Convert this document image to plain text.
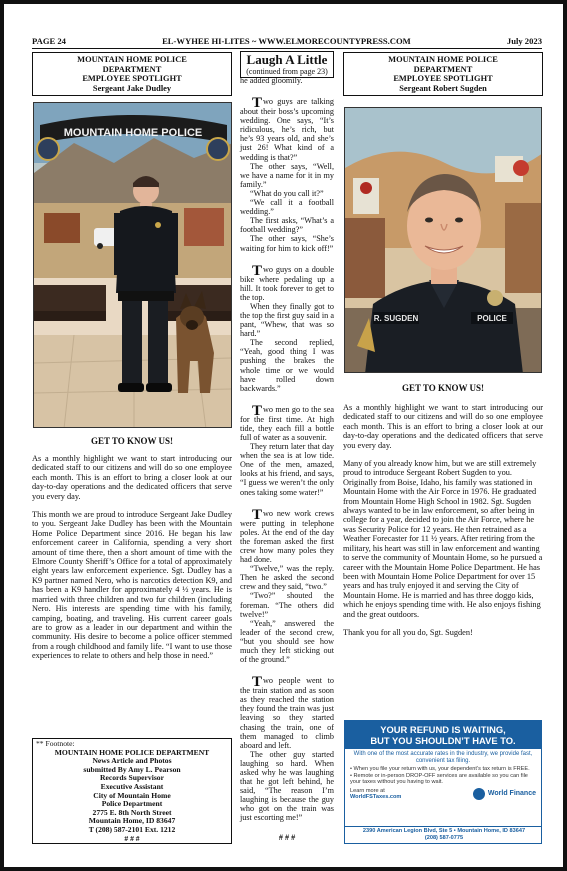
PAGE 24	EL-WYHEE HI-LITES ~ WWW.ELMORECOUNTYPRESS.COM	July 2023
MOUNTAIN HOME POLICE
DEPARTMENT
EMPLOYEE SPOTLIGHT
Sergeant Jake Dudley
MOUNTAIN HOME POLICE
GET TO KNOW US!

As a monthly highlight we want to start introducing our dedicated staff to our citizens and will do so one employee each month. This is an effort to bring a closer look at our day-to-day operations and the dedicated officers that serve you every day.

This month we are proud to introduce Sergeant Jake Dudley to you. Sergeant Jake Dudley has been with the Mountain Home Police Department since 2016. He began his law enforcement career in California, spending a very short amount of time there, then a short amount of time with the Elmore County Sheriff’s Office for a total of approximately eight years law enforcement experience. Sgt. Dudley has a K9 partner named Nero, who is narcotics detection K9, and has been a K9 handler for approximately 4 ½ years. He is married with three children and two fur children (including Nero. His interests are spending time with his family, camping, boating, and traveling. His current career goals are to grow as a leader in our department and within the community. His desire to become a police officer stemmed from a rough childhood and family life. “I want to use those experiences to relate to others and help those in need.”

** Footnote:
MOUNTAIN HOME POLICE DEPARTMENT
News Article and Photos
submitted By Amy L. Pearson
Records Supervisor
Executive Assistant
City of Mountain Home
Police Department
2775 E. 8th North Street
Mountain Home, ID 83647
T (208) 587-2101 Ext. 1212
# # #
Laugh A Little
(continued from page 23)
he added gloomily.

Two guys are talking about their boss’s upcoming wedding. One says, “It’s ridiculous, he’s rich, but he’s 93 years old, and she’s just 26! What kind of a wedding is that?”

The other says, “Well, we have a name for it in my family.”

“What do you call it?”

“We call it a football wedding.”

The first asks, “What’s a football wedding?”

The other says, “She’s waiting for him to kick off!”

Two guys on a double bike where pedaling up a hill. It took forever to get to the top.

When they finally got to the top the first guy said in a pant, “Whew, that was so hard.”

The second replied, “Yeah, good thing I was pushing the brakes the whole time or we would have rolled down backwards.”

Two men go to the sea for the first time. At high tide, they each fill a bottle full of water as a souvenir.

They return later that day when the sea is at low tide. One of the men, amazed, looks at his friend, and says, “I guess we weren’t the only ones taking some water!”

Two new work crews were putting in telephone poles. At the end of the day the foreman asked the first crew how many poles they had done.

“Twelve,” was the reply. Then he asked the second crew and they said, “two.”

“Two?” shouted the foreman. “The others did twelve!”

“Yeah,” answered the leader of the second crew, “but you should see how much they left sticking out of the ground.”

Two people went to the train station and as soon as they reached the station they found the train was just leaving so they started chasing the train, one of them managed to climb aboard and left.

The other guy started laughing so hard. When asked why he was laughing that he got left behind, he said, “The reason I’m laughing is because the guy who got on the train was just escorting me!”

# # #
MOUNTAIN HOME POLICE
DEPARTMENT
EMPLOYEE SPOTLIGHT
Sergeant Robert Sugden
R. SUGDEN	POLICE
GET TO KNOW US!

As a monthly highlight we want to start introducing our dedicated staff to our citizens and will do so one employee each month. This is an effort to bring a closer look at our day-to-day operations and the dedicated officers that serve you every day.

Many of you already know him, but we are still extremely proud to introduce Sergeant Robert Sugden to you. Originally from Boise, Idaho, his family was stationed in Mountain Home with the Air Force in 1976. He graduated from Mountain Home High School in 1982. Sgt. Sugden always wanted to be in law enforcement, so after being in college for a year, decided to join the Air Force, where he was Security Police for 12 years. He then retrained as a Weather Forecaster for 11 ½ years. After retiring from the military, his heart was still in law enforcement and wanting to serve the community of Mountain Home, so he pursued a career with the Mountain Home Police Department. He has been with Mountain Home Police Department for over 15 years and has truly enjoyed it and serving the City of Mountain Home. He is married and has three doggo kids, which he enjoys spending time with. He also enjoys fishing and the great outdoors.

Thank you for all you do, Sgt. Sugden!

YOUR REFUND IS WAITING,
BUT YOU SHOULDN’T HAVE TO.
With one of the most accurate rates in the industry, we provide fast, convenient tax filing.
• When you file your return with us, your dependent’s tax return is FREE.
• Remote or in-person DROP-OFF services are available so you can file your taxes without you having to wait.
Learn more at
WorldFSTaxes.com
World Finance
2390 American Legion Blvd, Ste 5 • Mountain Home, ID 83647
(208) 587-0775
